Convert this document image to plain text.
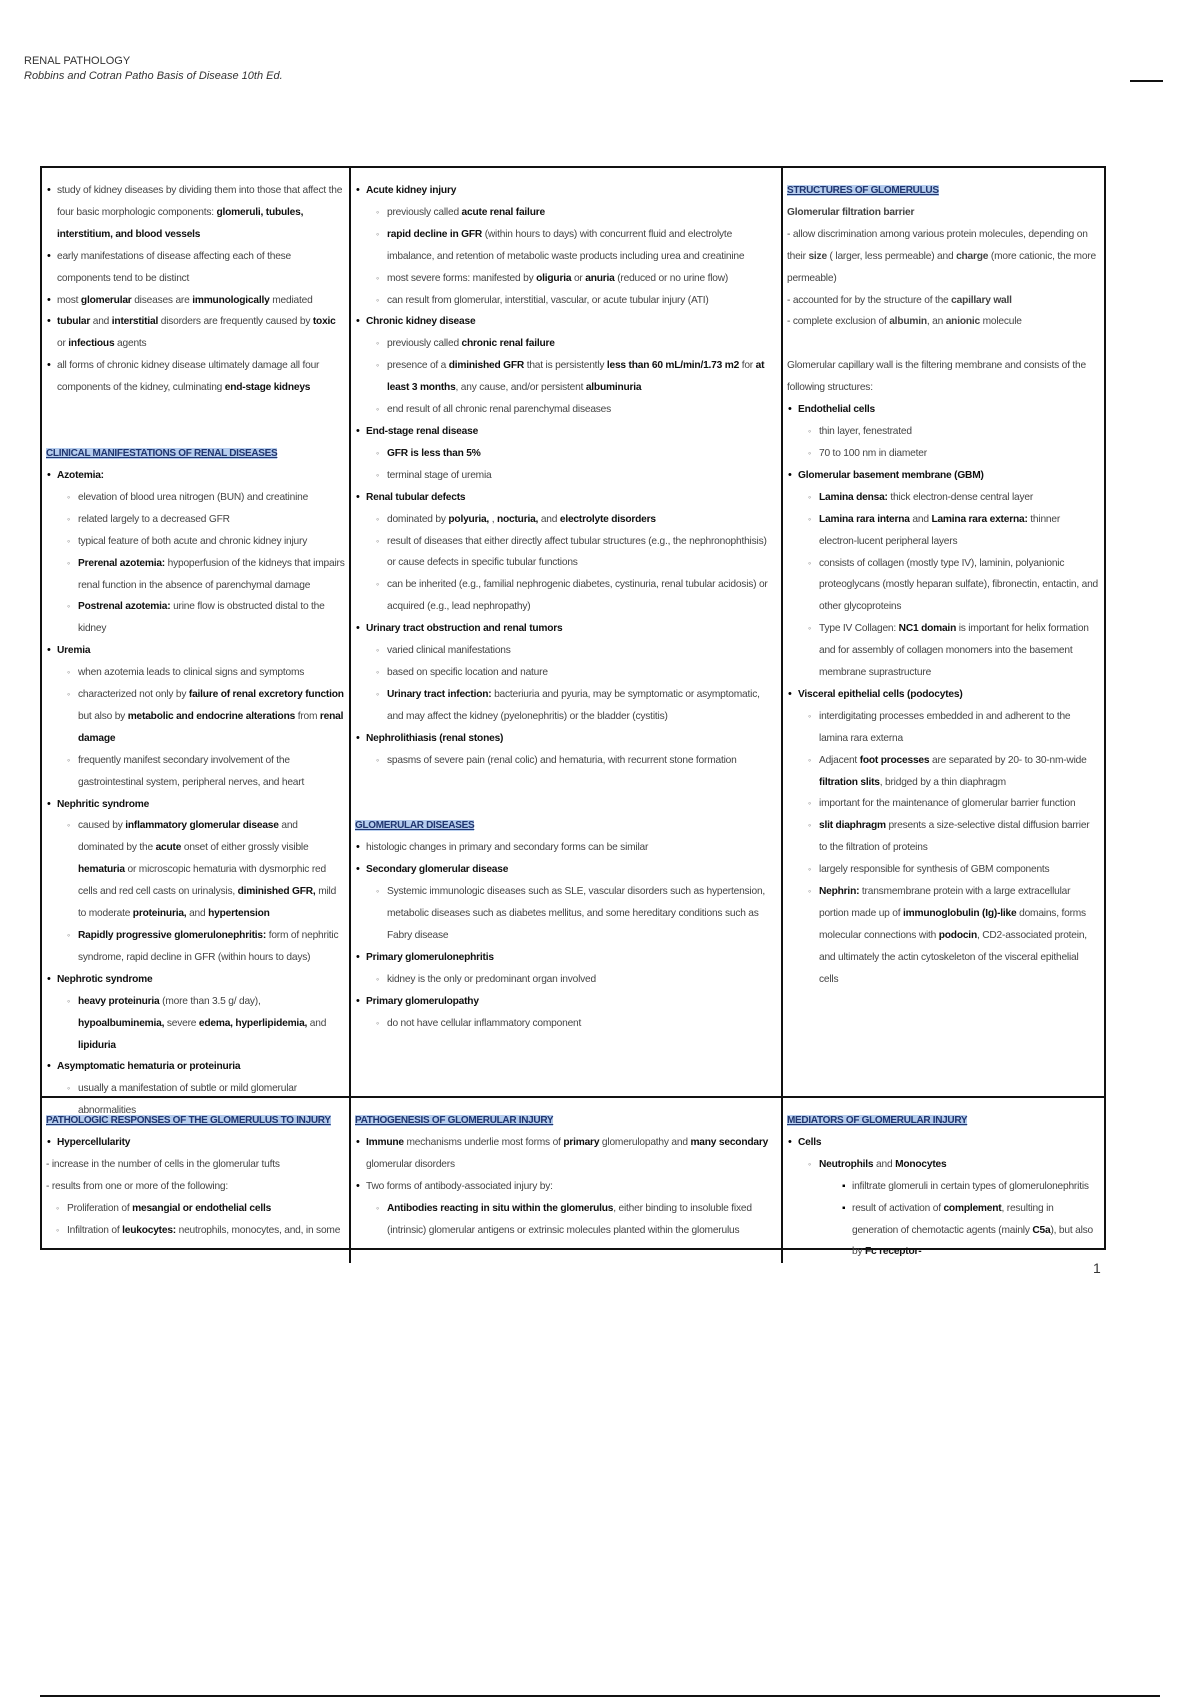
RENAL PATHOLOGY
Robbins and Cotran Patho Basis of Disease 10th Ed.
• study of kidney diseases by dividing them into those that affect the four basic morphologic components: glomeruli, tubules, interstitium, and blood vessels
• early manifestations of disease affecting each of these components tend to be distinct
• most glomerular diseases are immunologically mediated
• tubular and interstitial disorders are frequently caused by toxic or infectious agents
• all forms of chronic kidney disease ultimately damage all four components of the kidney, culminating end-stage kidneys
CLINICAL MANIFESTATIONS OF RENAL DISEASES
• Azotemia:
◦ elevation of blood urea nitrogen (BUN) and creatinine
◦ related largely to a decreased GFR
◦ typical feature of both acute and chronic kidney injury
◦ Prerenal azotemia: hypoperfusion of the kidneys that impairs renal function in the absence of parenchymal damage
◦ Postrenal azotemia: urine flow is obstructed distal to the kidney
• Uremia
◦ when azotemia leads to clinical signs and symptoms
◦ characterized not only by failure of renal excretory function but also by metabolic and endocrine alterations from renal damage
◦ frequently manifest secondary involvement of the gastrointestinal system, peripheral nerves, and heart
• Nephritic syndrome
◦ caused by inflammatory glomerular disease and dominated by the acute onset of either grossly visible hematuria or microscopic hematuria with dysmorphic red cells and red cell casts on urinalysis, diminished GFR, mild to moderate proteinuria, and hypertension
◦ Rapidly progressive glomerulonephritis: form of nephritic syndrome, rapid decline in GFR (within hours to days)
• Nephrotic syndrome
◦ heavy proteinuria (more than 3.5 g/ day), hypoalbuminemia, severe edema, hyperlipidemia, and lipiduria
• Asymptomatic hematuria or proteinuria
◦ usually a manifestation of subtle or mild glomerular abnormalities
• Acute kidney injury
◦ previously called acute renal failure
◦ rapid decline in GFR (within hours to days) with concurrent fluid and electrolyte imbalance, and retention of metabolic waste products including urea and creatinine
◦ most severe forms: manifested by oliguria or anuria (reduced or no urine flow)
◦ can result from glomerular, interstitial, vascular, or acute tubular injury (ATI)
• Chronic kidney disease
◦ previously called chronic renal failure
◦ presence of a diminished GFR that is persistently less than 60 mL/min/1.73 m2 for at least 3 months, any cause, and/or persistent albuminuria
◦ end result of all chronic renal parenchymal diseases
• End-stage renal disease
◦ GFR is less than 5%
◦ terminal stage of uremia
• Renal tubular defects
◦ dominated by polyuria, , nocturia, and electrolyte disorders
◦ result of diseases that either directly affect tubular structures (e.g., the nephronophthisis) or cause defects in specific tubular functions
◦ can be inherited (e.g., familial nephrogenic diabetes, cystinuria, renal tubular acidosis) or acquired (e.g., lead nephropathy)
• Urinary tract obstruction and renal tumors
◦ varied clinical manifestations
◦ based on specific location and nature
◦ Urinary tract infection: bacteriuria and pyuria, may be symptomatic or asymptomatic, and may affect the kidney (pyelonephritis) or the bladder (cystitis)
• Nephrolithiasis (renal stones)
◦ spasms of severe pain (renal colic) and hematuria, with recurrent stone formation
GLOMERULAR DISEASES
• histologic changes in primary and secondary forms can be similar
• Secondary glomerular disease
◦ Systemic immunologic diseases such as SLE, vascular disorders such as hypertension, metabolic diseases such as diabetes mellitus, and some hereditary conditions such as Fabry disease
• Primary glomerulonephritis
◦ kidney is the only or predominant organ involved
• Primary glomerulopathy
◦ do not have cellular inflammatory component
STRUCTURES OF GLOMERULUS
Glomerular filtration barrier
- allow discrimination among various protein molecules, depending on their size ( larger, less permeable) and charge (more cationic, the more permeable)
- accounted for by the structure of the capillary wall
- complete exclusion of albumin, an anionic molecule
Glomerular capillary wall is the filtering membrane and consists of the following structures:
• Endothelial cells
◦ thin layer, fenestrated
◦ 70 to 100 nm in diameter
• Glomerular basement membrane (GBM)
◦ Lamina densa: thick electron-dense central layer
◦ Lamina rara interna and Lamina rara externa: thinner electron-lucent peripheral layers
◦ consists of collagen (mostly type IV), laminin, polyanionic proteoglycans (mostly heparan sulfate), fibronectin, entactin, and other glycoproteins
◦ Type IV Collagen: NC1 domain is important for helix formation and for assembly of collagen monomers into the basement membrane suprastructure
• Visceral epithelial cells (podocytes)
◦ interdigitating processes embedded in and adherent to the lamina rara externa
◦ Adjacent foot processes are separated by 20- to 30-nm-wide filtration slits, bridged by a thin diaphragm
◦ important for the maintenance of glomerular barrier function
◦ slit diaphragm presents a size-selective distal diffusion barrier to the filtration of proteins
◦ largely responsible for synthesis of GBM components
◦ Nephrin: transmembrane protein with a large extracellular portion made up of immunoglobulin (Ig)-like domains, forms molecular connections with podocin, CD2-associated protein, and ultimately the actin cytoskeleton of the visceral epithelial cells
PATHOLOGIC RESPONSES OF THE GLOMERULUS TO INJURY
• Hypercellularity
- increase in the number of cells in the glomerular tufts
- results from one or more of the following:
◦ Proliferation of mesangial or endothelial cells
◦ Infiltration of leukocytes: neutrophils, monocytes, and, in some
PATHOGENESIS OF GLOMERULAR INJURY
• Immune mechanisms underlie most forms of primary glomerulopathy and many secondary glomerular disorders
• Two forms of antibody-associated injury by:
◦ Antibodies reacting in situ within the glomerulus, either binding to insoluble fixed (intrinsic) glomerular antigens or extrinsic molecules planted within the glomerulus
MEDIATORS OF GLOMERULAR INJURY
• Cells
◦ Neutrophils and Monocytes
▪ infiltrate glomeruli in certain types of glomerulonephritis
▪ result of activation of complement, resulting in generation of chemotactic agents (mainly C5a), but also by Fc receptor-
1
